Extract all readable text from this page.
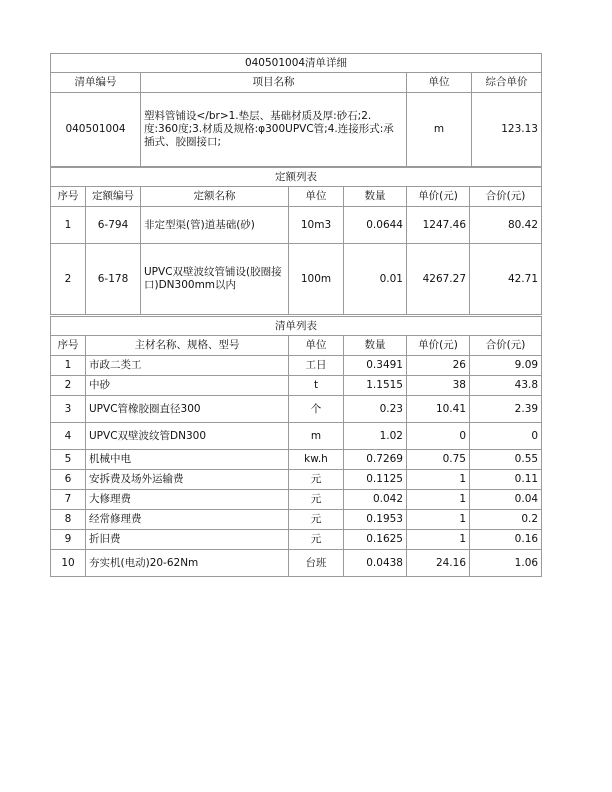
040501004清单详细			
清单编号	项目名称	单位	综合单价
040501004	塑料管铺设</br>1.垫层、基础材质及厚:砂石;2.度:360度;3.材质及规格:φ300UPVC管;4.连接形式:承插式、胶圈接口;	m	123.13
定额列表						
序号	定额编号	定额名称	单位	数量	单价(元)	合价(元)
1	6-794	非定型渠(管)道基础(砂)	10m3	0.0644	1247.46	80.42
2	6-178	UPVC双壁波纹管铺设(胶圈接口)DN300mm以内	100m	0.01	4267.27	42.71
清单列表					
序号	主材名称、规格、型号	单位	数量	单价(元)	合价(元)
1	市政二类工	工日	0.3491	26	9.09
2	中砂	t	1.1515	38	43.8
3	UPVC管橡胶圈直径300	个	0.23	10.41	2.39
4	UPVC双壁波纹管DN300	m	1.02	0	0
5	机械中电	kw.h	0.7269	0.75	0.55
6	安拆费及场外运输费	元	0.1125	1	0.11
7	大修理费	元	0.042	1	0.04
8	经常修理费	元	0.1953	1	0.2
9	折旧费	元	0.1625	1	0.16
10	夯实机(电动)20-62Nm	台班	0.0438	24.16	1.06
